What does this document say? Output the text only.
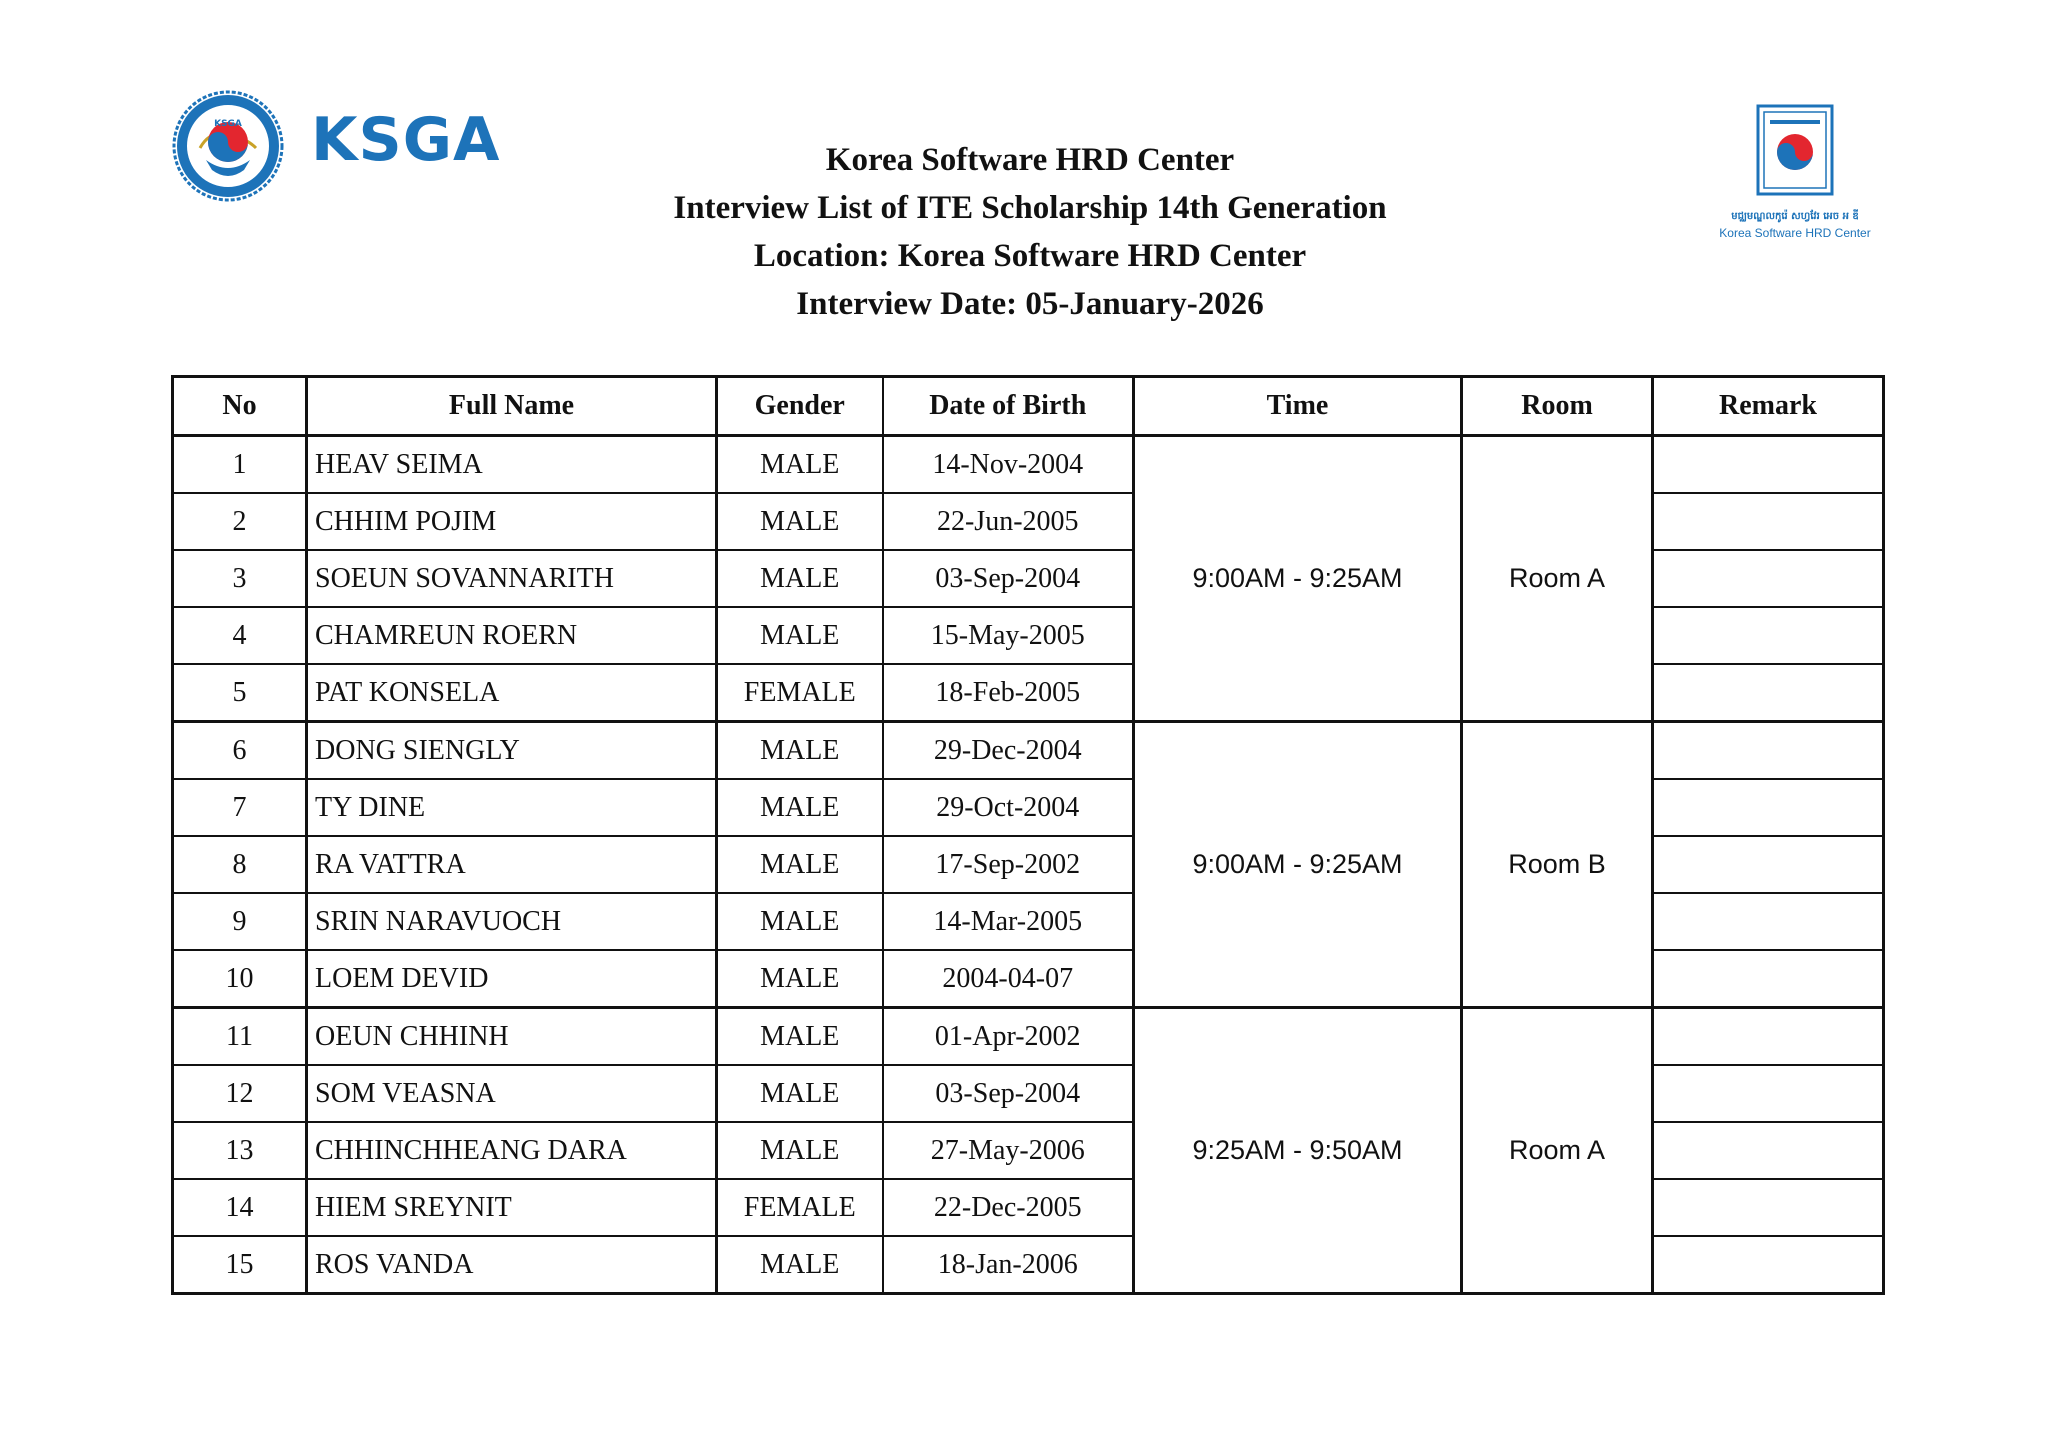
KSGA KSGA
មជ្ឈមណ្ឌលកូរ៉េ សហ្វវែរ អេច អ ឌី
Korea Software HRD Center
Korea Software HRD Center
Interview List of ITE Scholarship 14th Generation
Location: Korea Software HRD Center
Interview Date: 05-January-2026
No	Full Name	Gender	Date of Birth	Time	Room	Remark
1	HEAV SEIMA	MALE	14-Nov-2004	9:00AM - 9:25AM	Room A	
2	CHHIM POJIM	MALE	22-Jun-2005			
3	SOEUN SOVANNARITH	MALE	03-Sep-2004			
4	CHAMREUN ROERN	MALE	15-May-2005			
5	PAT KONSELA	FEMALE	18-Feb-2005			
6	DONG SIENGLY	MALE	29-Dec-2004	9:00AM - 9:25AM	Room B	
7	TY DINE	MALE	29-Oct-2004			
8	RA VATTRA	MALE	17-Sep-2002			
9	SRIN NARAVUOCH	MALE	14-Mar-2005			
10	LOEM DEVID	MALE	2004-04-07			
11	OEUN CHHINH	MALE	01-Apr-2002	9:25AM - 9:50AM	Room A	
12	SOM VEASNA	MALE	03-Sep-2004			
13	CHHINCHHEANG DARA	MALE	27-May-2006			
14	HIEM SREYNIT	FEMALE	22-Dec-2005			
15	ROS VANDA	MALE	18-Jan-2006			
